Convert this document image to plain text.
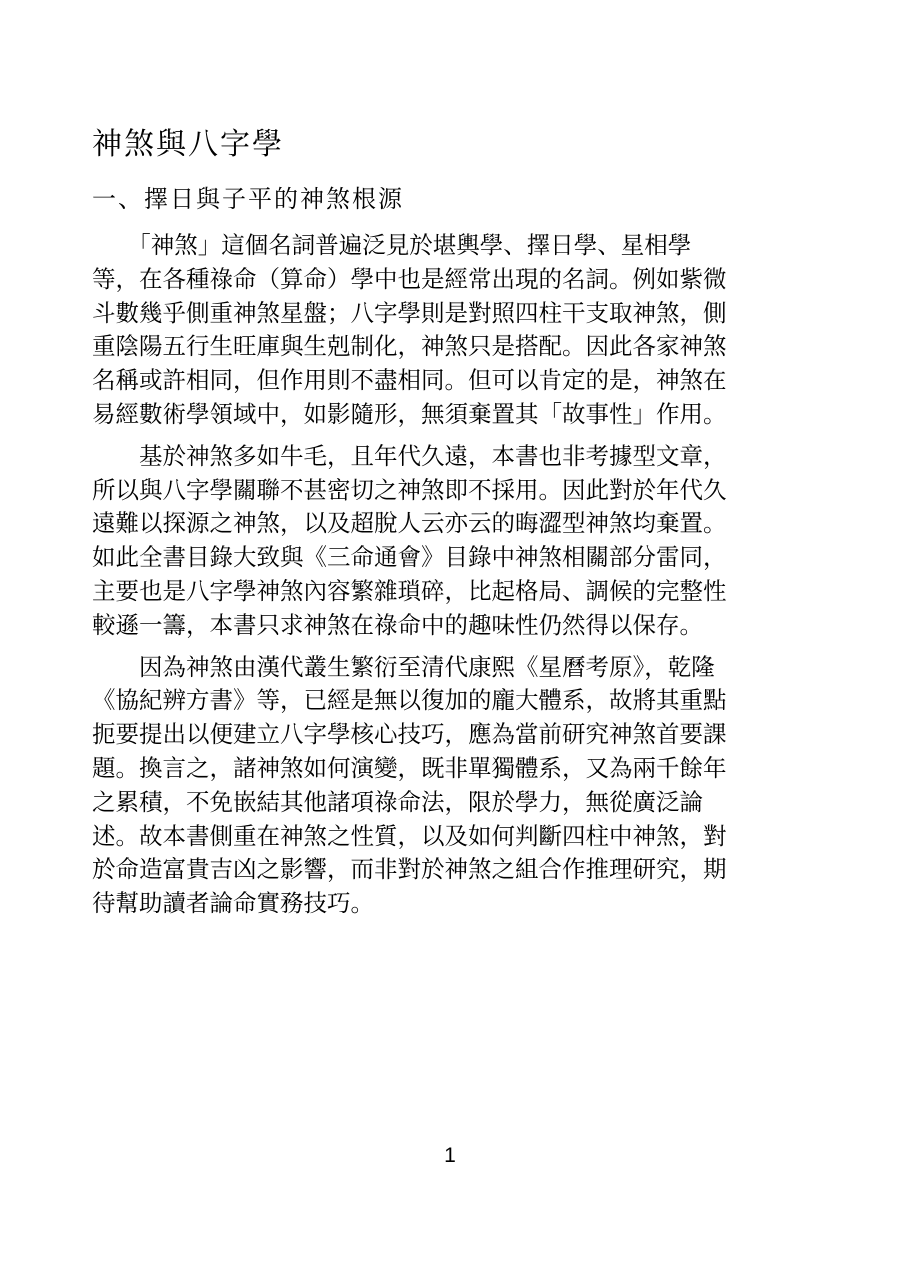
神煞與八字學
一、擇日與子平的神煞根源

　　「神煞」這個名詞普遍泛見於堪輿學、擇日學、星相學
等，在各種祿命（算命）學中也是經常出現的名詞。例如紫微
斗數幾乎側重神煞星盤；八字學則是對照四柱干支取神煞，側
重陰陽五行生旺庫與生剋制化，神煞只是搭配。因此各家神煞
名稱或許相同，但作用則不盡相同。但可以肯定的是，神煞在
易經數術學領域中，如影隨形，無須棄置其「故事性」作用。

　　基於神煞多如牛毛，且年代久遠，本書也非考據型文章，
所以與八字學關聯不甚密切之神煞即不採用。因此對於年代久
遠難以探源之神煞，以及超脫人云亦云的晦澀型神煞均棄置。
如此全書目錄大致與《三命通會》目錄中神煞相關部分雷同，
主要也是八字學神煞內容繁雜瑣碎，比起格局、調候的完整性
較遜一籌，本書只求神煞在祿命中的趣味性仍然得以保存。

　　因為神煞由漢代叢生繁衍至清代康熙《星曆考原》，乾隆
《協紀辨方書》等，已經是無以復加的龐大體系，故將其重點
扼要提出以便建立八字學核心技巧，應為當前研究神煞首要課
題。換言之，諸神煞如何演變，既非單獨體系，又為兩千餘年
之累積，不免嵌結其他諸項祿命法，限於學力，無從廣泛論
述。故本書側重在神煞之性質，以及如何判斷四柱中神煞，對
於命造富貴吉凶之影響，而非對於神煞之組合作推理研究，期
待幫助讀者論命實務技巧。

1
